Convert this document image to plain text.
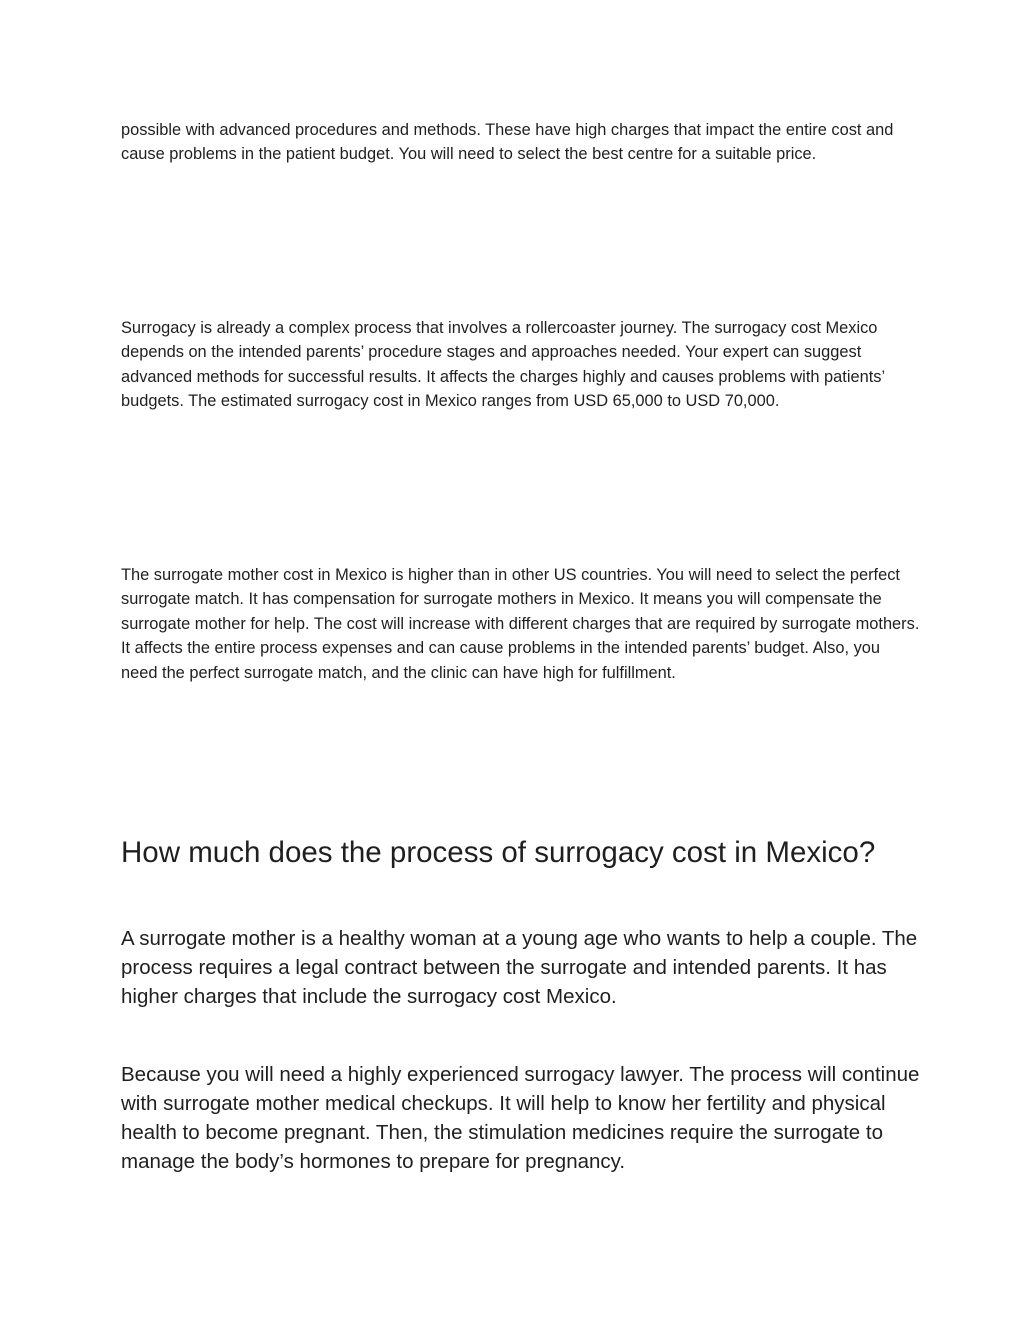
possible with advanced procedures and methods. These have high charges that impact the entire cost and cause problems in the patient budget. You will need to select the best centre for a suitable price.

Surrogacy is already a complex process that involves a rollercoaster journey. The surrogacy cost Mexico depends on the intended parents’ procedure stages and approaches needed. Your expert can suggest advanced methods for successful results. It affects the charges highly and causes problems with patients’ budgets. The estimated surrogacy cost in Mexico ranges from USD 65,000 to USD 70,000.

The surrogate mother cost in Mexico is higher than in other US countries. You will need to select the perfect surrogate match. It has compensation for surrogate mothers in Mexico. It means you will compensate the surrogate mother for help. The cost will increase with different charges that are required by surrogate mothers. It affects the entire process expenses and can cause problems in the intended parents’ budget. Also, you need the perfect surrogate match, and the clinic can have high for fulfillment.

How much does the process of surrogacy cost in Mexico?

A surrogate mother is a healthy woman at a young age who wants to help a couple. The process requires a legal contract between the surrogate and intended parents. It has higher charges that include the surrogacy cost Mexico.

Because you will need a highly experienced surrogacy lawyer. The process will continue with surrogate mother medical checkups. It will help to know her fertility and physical health to become pregnant. Then, the stimulation medicines require the surrogate to manage the body’s hormones to prepare for pregnancy.
